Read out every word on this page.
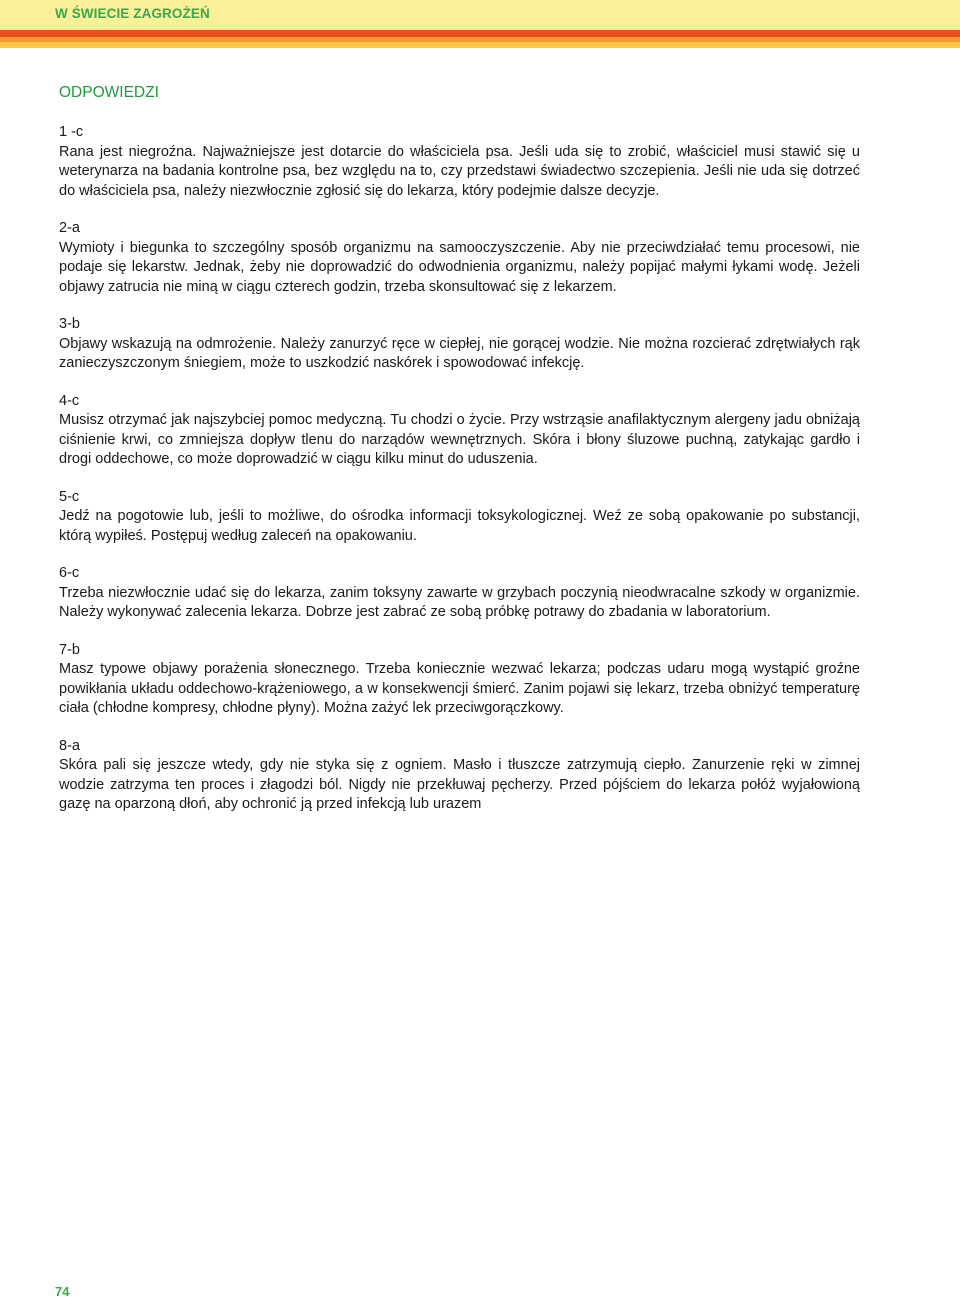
W ŚWIECIE ZAGROŻEŃ
ODPOWIEDZI
1 -c
Rana jest niegroźna. Najważniejsze jest dotarcie do właściciela psa. Jeśli uda się to zrobić, właściciel musi stawić się u weterynarza na badania kontrolne psa, bez względu na to, czy przedstawi świadectwo szczepienia. Jeśli nie uda się dotrzeć do właściciela psa, należy niezwłocznie zgłosić się do lekarza, który podejmie dalsze decyzje.
2-a
Wymioty i biegunka to szczególny sposób organizmu na samooczyszczenie. Aby nie przeciwdziałać temu procesowi, nie podaje się lekarstw. Jednak, żeby nie doprowadzić do odwodnienia organizmu, należy popijać małymi łykami wodę. Jeżeli objawy zatrucia nie miną w ciągu czterech godzin, trzeba skonsultować się z lekarzem.
3-b
Objawy wskazują na odmrożenie. Należy zanurzyć ręce w ciepłej, nie gorącej wodzie. Nie można rozcierać zdrętwiałych rąk zanieczyszczonym śniegiem, może to uszkodzić naskórek i spowodować infekcję.
4-c
Musisz otrzymać jak najszybciej pomoc medyczną. Tu chodzi o życie. Przy wstrząsie anafilaktycznym alergeny jadu obniżają ciśnienie krwi, co zmniejsza dopływ tlenu do narządów wewnętrznych. Skóra i błony śluzowe puchną, zatykając gardło i drogi oddechowe, co może doprowadzić w ciągu kilku minut do uduszenia.
5-c
Jedź na pogotowie lub, jeśli to możliwe, do ośrodka informacji toksykologicznej. Weź ze sobą opakowanie po substancji, którą wypiłeś. Postępuj według zaleceń na opakowaniu.
6-c
Trzeba niezwłocznie udać się do lekarza, zanim toksyny zawarte w grzybach poczynią nieodwracalne szkody w organizmie. Należy wykonywać zalecenia lekarza. Dobrze jest zabrać ze sobą próbkę potrawy do zbadania w laboratorium.
7-b
Masz typowe objawy porażenia słonecznego. Trzeba koniecznie wezwać lekarza; podczas udaru mogą wystąpić groźne powikłania układu oddechowo-krążeniowego, a w konsekwencji śmierć. Zanim pojawi się lekarz, trzeba obniżyć temperaturę ciała (chłodne kompresy, chłodne płyny). Można zażyć lek przeciwgorączkowy.
8-a
Skóra pali się jeszcze wtedy, gdy nie styka się z ogniem. Masło i tłuszcze zatrzymują ciepło. Zanurzenie ręki w zimnej wodzie zatrzyma ten proces i złagodzi ból. Nigdy nie przekłuwaj pęcherzy. Przed pójściem do lekarza połóż wyjałowioną gazę na oparzoną dłoń, aby ochronić ją przed infekcją lub urazem
74
